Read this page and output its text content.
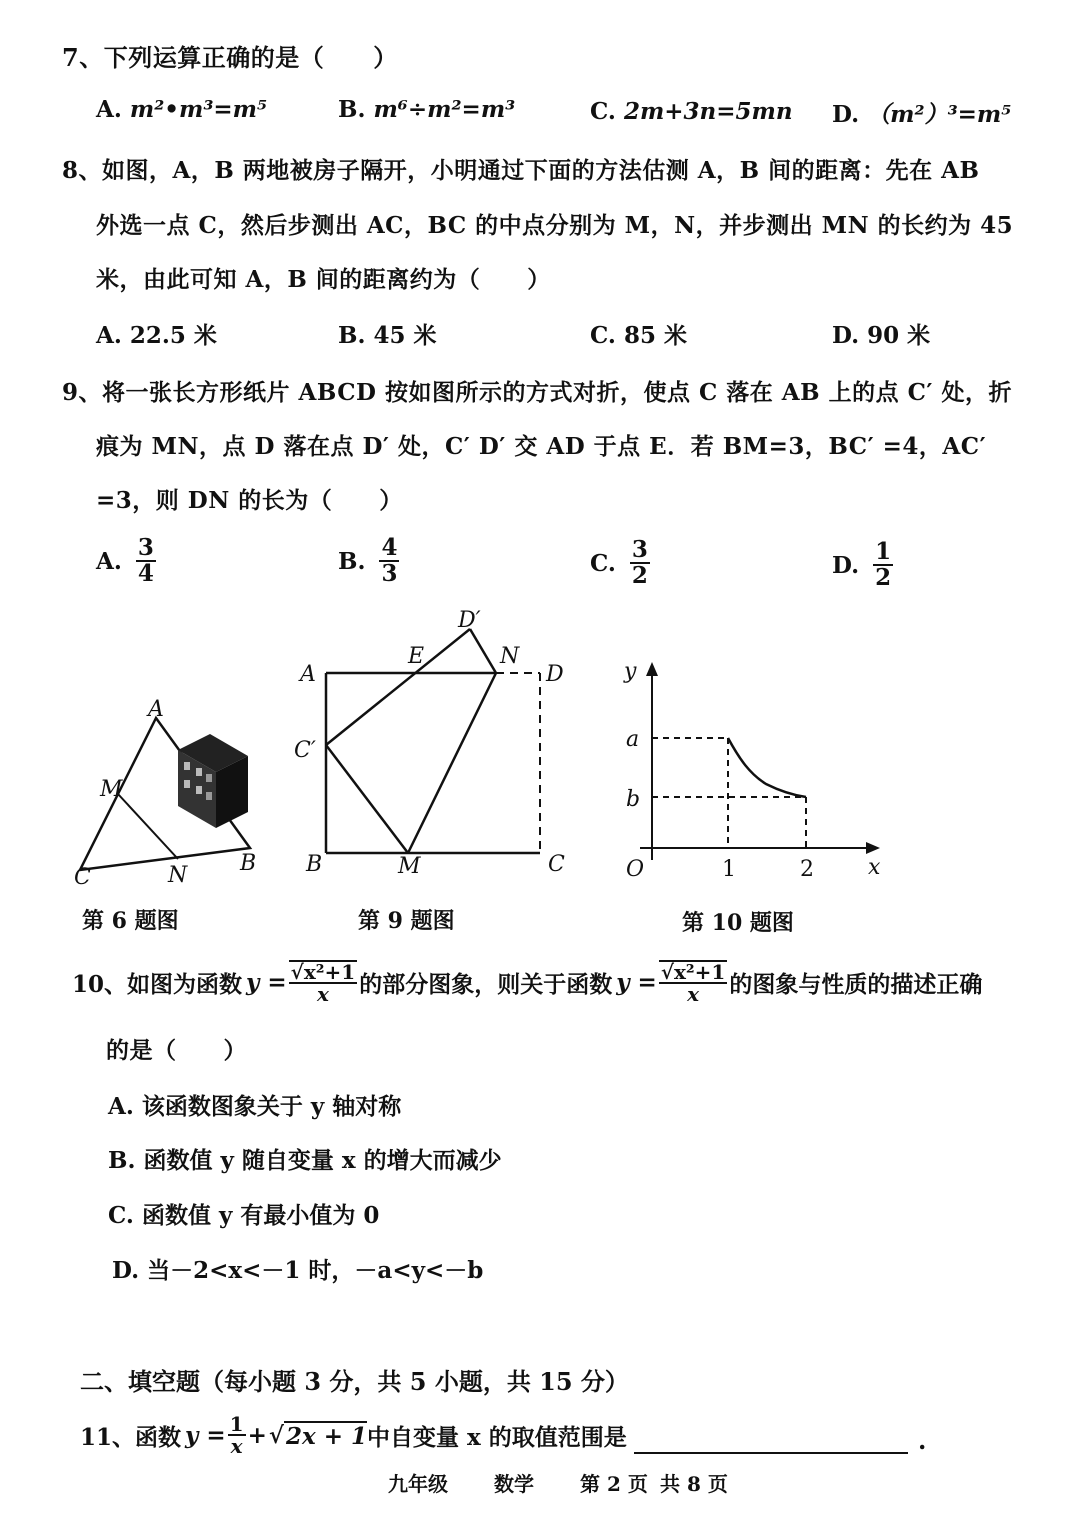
7、下列运算正确的是（　　）
A. m²•m³=m⁵	B. m⁶÷m²=m³	C. 2m+3n=5mn D. （m²）³=m⁵
8、如图，A，B 两地被房子隔开，小明通过下面的方法估测 A，B 间的距离：先在 AB
外选一点 C，然后步测出 AC，BC 的中点分别为 M，N，并步测出 MN 的长约为 45
米，由此可知 A，B 间的距离约为（　　）
A. 22.5 米	B. 45 米	C. 85 米	D. 90 米
9、将一张长方形纸片 ABCD 按如图所示的方式对折，使点 C 落在 AB 上的点 C′ 处，折
痕为 MN，点 D 落在点 D′ 处，C′ D′ 交 AD 于点 E．若 BM=3，BC′ =4，AC′
=3，则 DN 的长为（　　）
A.
3
4	B.
4
3	C.
3
2	D.
1
2
A
M
C	N B
第 6 题图
A
E
D′
N
D
C′
B	M	C
第 9 题图
y
a
b
O	1	2 x
第 10 题图
10、如图为函数 $y = \frac{\text{√x²+1}}{x}$ 的部分图象，则关于函数 $y = \frac{\text{√x²+1}}{x}$ 的图象与性质的描述正确
的是（　　）
A. 该函数图象关于 y 轴对称
B. 函数值 y 随自变量 x 的增大而减少
C. 函数值 y 有最小值为 0
D. 当－2<x<－1 时，－a<y<－b
二、填空题（每小题 3 分，共 5 小题，共 15 分）
11、函数 $y = \frac{1}{x}$ + √ 2x + 1 中自变量 x 的取值范围是	.
九年级 数学 第 2 页 共 8 页
